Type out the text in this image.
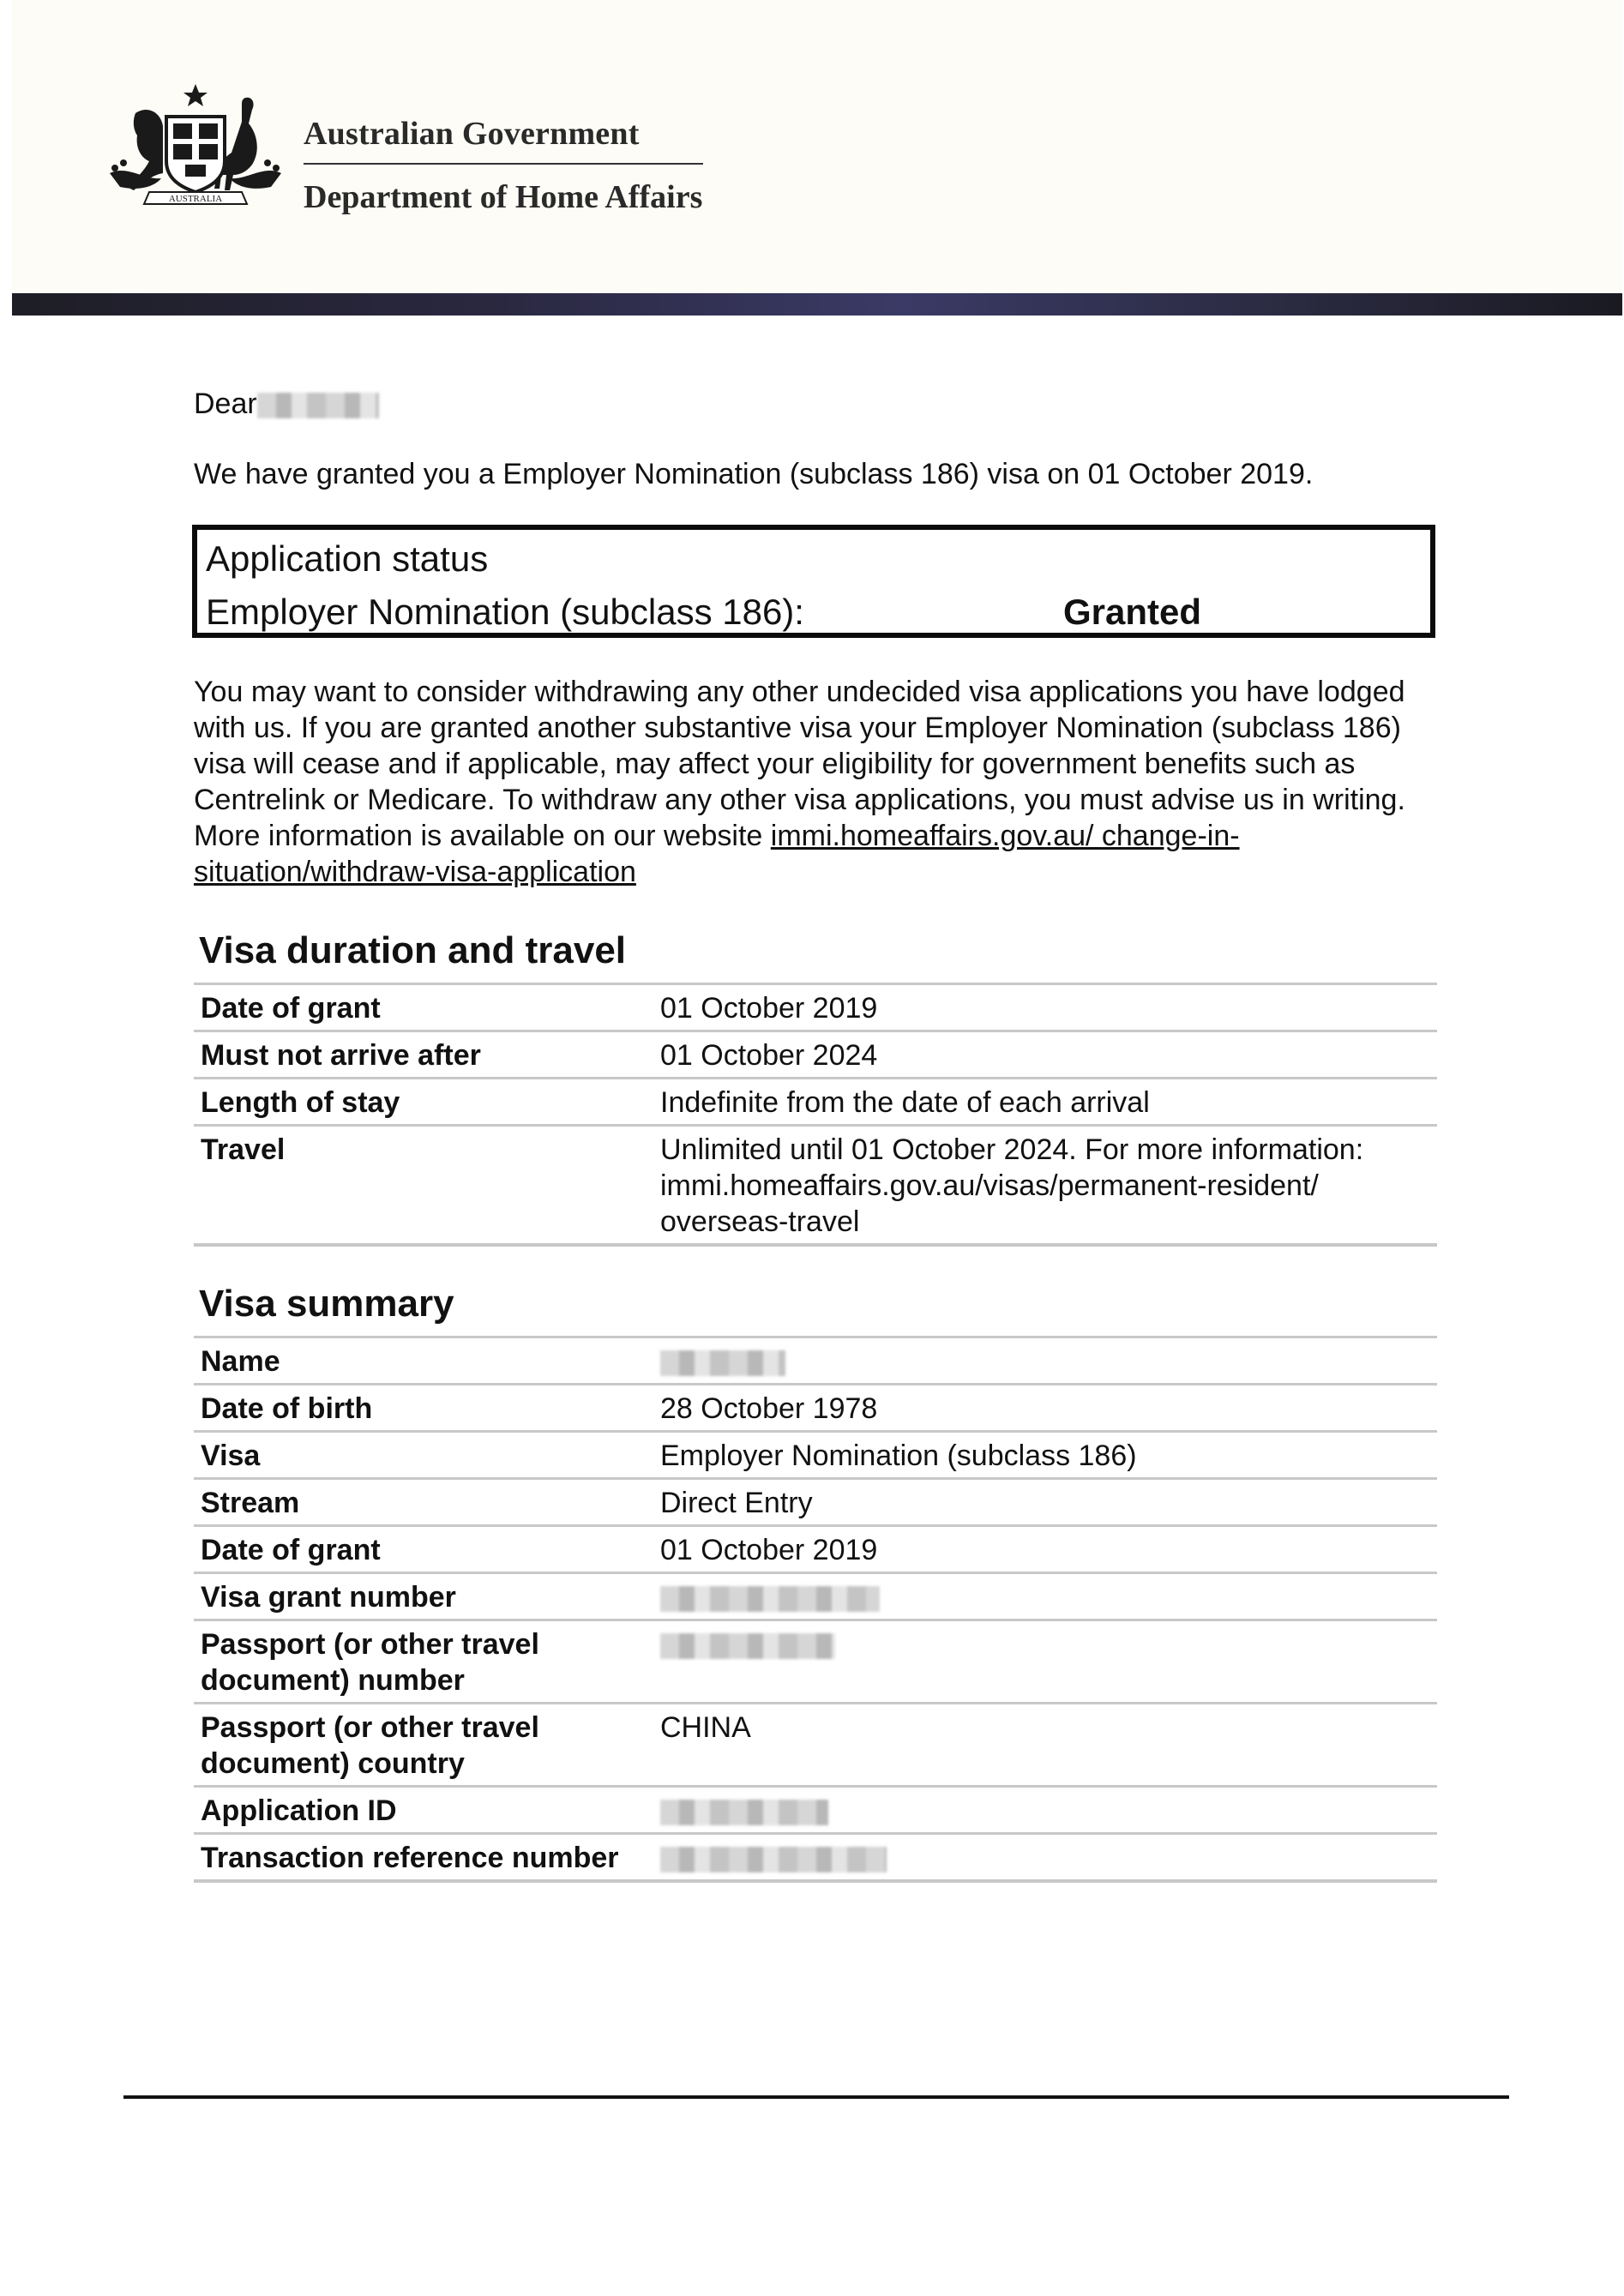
AUSTRALIA
Australian Government
Department of Home Affairs
Dear
We have granted you a Employer Nomination (subclass 186) visa on 01 October 2019.
Application status
Employer Nomination (subclass 186):	Granted
You may want to consider withdrawing any other undecided visa applications you have lodged with us. If you are granted another substantive visa your Employer Nomination (subclass 186) visa will cease and if applicable, may affect your eligibility for government benefits such as Centrelink or Medicare. To withdraw any other visa applications, you must advise us in writing. More information is available on our website immi.homeaffairs.gov.au/ change-in-situation/withdraw-visa-application
Visa duration and travel
Date of grant	01 October 2019
Must not arrive after	01 October 2024
Length of stay	Indefinite from the date of each arrival
Travel	Unlimited until 01 October 2024. For more information: immi.homeaffairs.gov.au/visas/permanent-resident/ overseas-travel
Visa summary
Name	
Date of birth	28 October 1978
Visa	Employer Nomination (subclass 186)
Stream	Direct Entry
Date of grant	01 October 2019
Visa grant number	
Passport (or other travel document) number	
Passport (or other travel document) country	CHINA
Application ID	
Transaction reference number	
